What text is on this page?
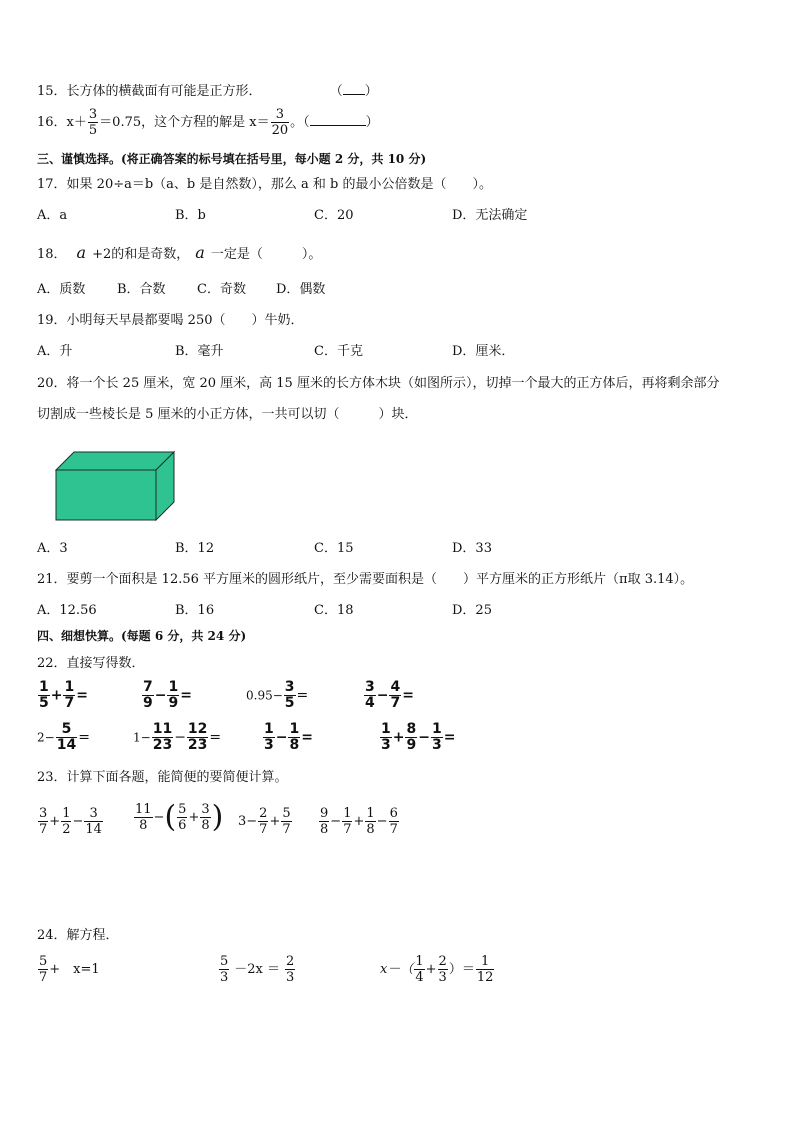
15．长方体的横截面有可能是正方形．	（ ）
16．$x+ \frac{3}{5} =0.75$，这个方程的解是 $x= \frac{3}{20}$ 。（	）
三、谨慎选择。(将正确答案的标号填在括号里，每小题 2 分，共 10 分)
17．如果 20÷a＝b（a、b 是自然数），那么 a 和 b 的最小公倍数是（　　）。
A．a	B．b	C．20	D．无法确定
18． a +2的和是奇数， a 一定是（　　　）。
A．质数 B．合数 C．奇数 D．偶数
19．小明每天早晨都要喝 250（　　）牛奶．
A．升	B．毫升	C．千克	D．厘米．
20．将一个长 25 厘米，宽 20 厘米，高 15 厘米的长方体木块（如图所示），切掉一个最大的正方体后，再将剩余部分
切割成一些棱长是 5 厘米的小正方体，一共可以切（　　　）块．
A．3	B．12	C．15	D．33
21．要剪一个面积是 12.56 平方厘米的圆形纸片，至少需要面积是（　　）平方厘米的正方形纸片（π取 3.14）。
A．12.56	B．16	C．18	D．25
四、细想快算。(每题 6 分，共 24 分)
22．直接写得数．
$\frac{1}{5} + \frac{1}{7}$ =	$\frac{7}{9} - \frac{1}{9}$ =	$0.95- \frac{3}{5}$ =	$\frac{3}{4} - \frac{4}{7}$ =
$2- \frac{5}{14}$ =	$1- \frac{11}{23} - \frac{12}{23}$ =	$\frac{1}{3} - \frac{1}{8}$ =	$\frac{1}{3} + \frac{8}{9} - \frac{1}{3}$ =
23．计算下面各题，能简便的要简便计算。
$\frac{3}{7} + \frac{1}{2} - \frac{3}{14} \frac{11}{8}$ −( $\frac{5}{6} + \frac{3}{8}$ ) $3- \frac{2}{7} + \frac{5}{7} \frac{9}{8} - \frac{1}{7} + \frac{1}{8} - \frac{6}{7}$
24．解方程．
$\frac{5}{7}$ +　x=1	$\frac{5}{3} -2x = \frac{2}{3}$	$x-( \frac{1}{4} + \frac{2}{3}$ ）＝ $\frac{1}{12}$
